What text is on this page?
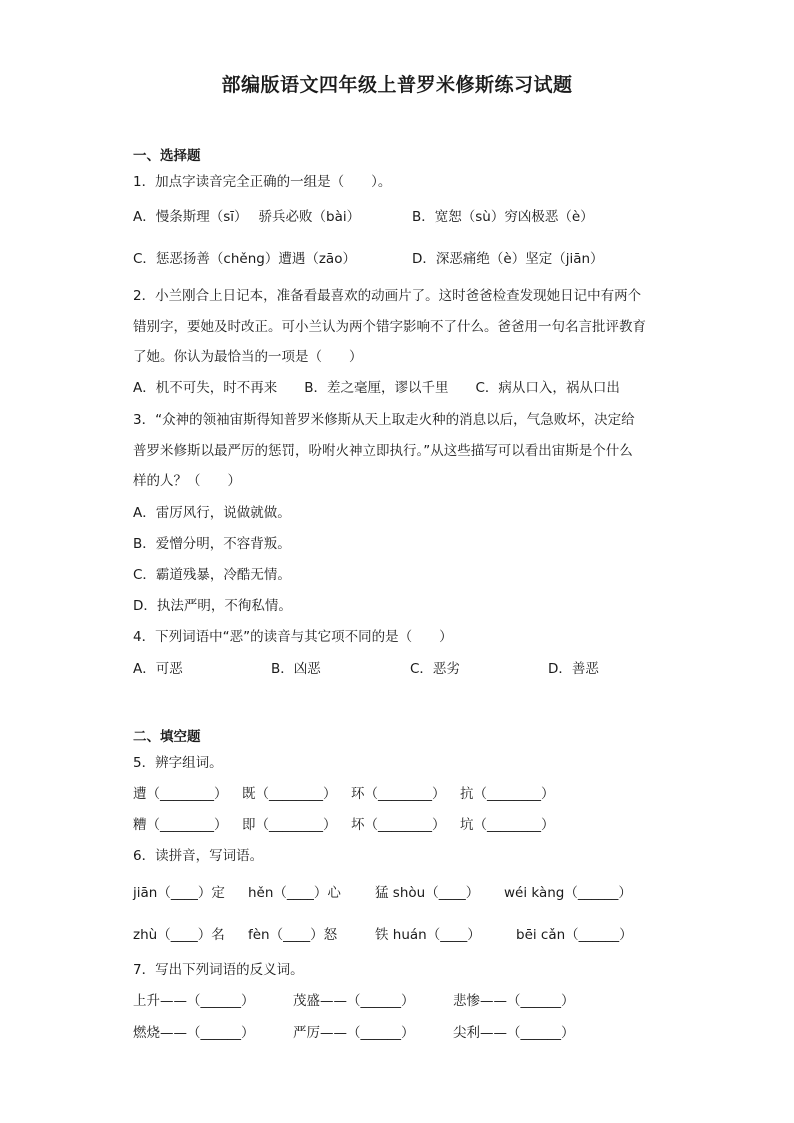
部编版语文四年级上普罗米修斯练习试题
一、选择题
1．加点字读音完全正确的一组是（　　）。
A．慢条斯理（sī）　 骄兵必败（bài）	B．宽恕（sù）穷凶极恶（è）
C．惩恶扬善（chěng）遭遇（zāo）	D．深恶痛绝（è）坚定（jiān）
2．小兰刚合上日记本，准备看最喜欢的动画片了。这时爸爸检查发现她日记中有两个
错别字，要她及时改正。可小兰认为两个错字影响不了什么。爸爸用一句名言批评教育
了她。你认为最恰当的一项是（　　）
A．机不可失，时不再来　　B．差之毫厘，谬以千里　　C．病从口入，祸从口出
3．“众神的领袖宙斯得知普罗米修斯从天上取走火种的消息以后，气急败坏，决定给
普罗米修斯以最严厉的惩罚，吩咐火神立即执行。”从这些描写可以看出宙斯是个什么
样的人？（　　）
A．雷厉风行，说做就做。
B．爱憎分明，不容背叛。
C．霸道残暴，冷酷无情。
D．执法严明，不徇私情。
4．下列词语中“恶”的读音与其它项不同的是（　　）
A．可恶	B．凶恶	C．恶劣	D．善恶
二、填空题
5．辨字组词。
遭（________） 既（________） 环（________） 抗（________）
糟（________） 即（________） 坏（________） 坑（________）
6．读拼音，写词语。
jiān（____）定 hěn（____）心	猛 shòu（____） wéi kàng（______）
zhù（____）名 fèn（____）怒	铁 huán（____）	bēi cǎn（______）
7．写出下列词语的反义词。
上升——（______）	茂盛——（______）	悲惨——（______）
燃烧——（______）	严厉——（______）	尖利——（______）
